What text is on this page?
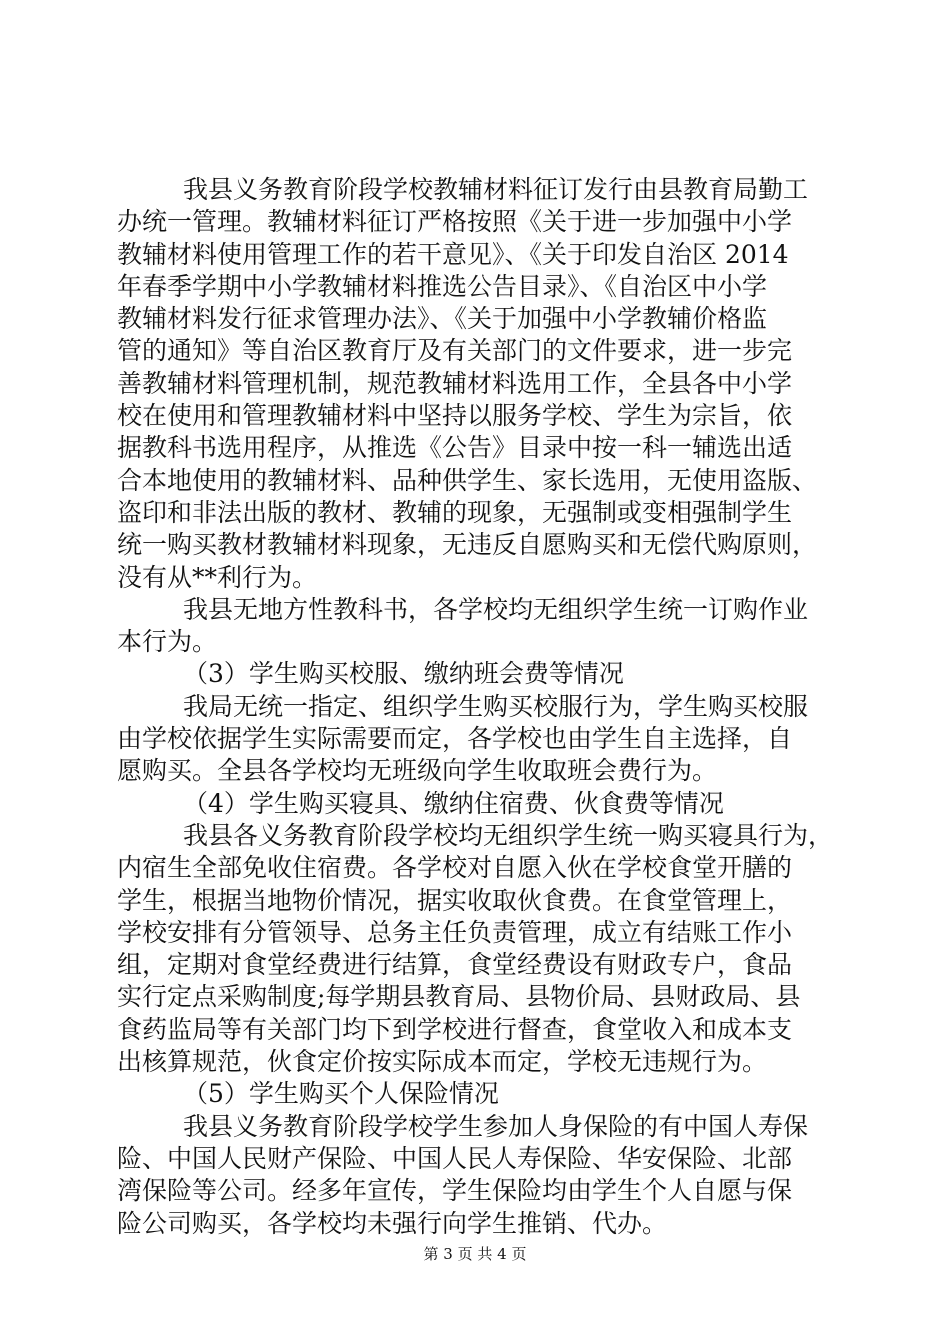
我县义务教育阶段学校教辅材料征订发行由县教育局勤工
办统一管理。教辅材料征订严格按照《关于进一步加强中小学
教辅材料使用管理工作的若干意见》、《关于印发自治区 2014
年春季学期中小学教辅材料推选公告目录》、《自治区中小学
教辅材料发行征求管理办法》、《关于加强中小学教辅价格监
管的通知》等自治区教育厅及有关部门的文件要求，进一步完
善教辅材料管理机制，规范教辅材料选用工作，全县各中小学
校在使用和管理教辅材料中坚持以服务学校、学生为宗旨，依
据教科书选用程序，从推选《公告》目录中按一科一辅选出适
合本地使用的教辅材料、品种供学生、家长选用，无使用盗版、
盗印和非法出版的教材、教辅的现象，无强制或变相强制学生
统一购买教材教辅材料现象，无违反自愿购买和无偿代购原则，
没有从**利行为。
我县无地方性教科书，各学校均无组织学生统一订购作业
本行为。
（3）学生购买校服、缴纳班会费等情况
我局无统一指定、组织学生购买校服行为，学生购买校服
由学校依据学生实际需要而定，各学校也由学生自主选择，自
愿购买。全县各学校均无班级向学生收取班会费行为。
（4）学生购买寝具、缴纳住宿费、伙食费等情况
我县各义务教育阶段学校均无组织学生统一购买寝具行为，
内宿生全部免收住宿费。各学校对自愿入伙在学校食堂开膳的
学生，根据当地物价情况，据实收取伙食费。在食堂管理上，
学校安排有分管领导、总务主任负责管理，成立有结账工作小
组，定期对食堂经费进行结算，食堂经费设有财政专户，食品
实行定点采购制度;每学期县教育局、县物价局、县财政局、县
食药监局等有关部门均下到学校进行督查，食堂收入和成本支
出核算规范，伙食定价按实际成本而定，学校无违规行为。
（5）学生购买个人保险情况
我县义务教育阶段学校学生参加人身保险的有中国人寿保
险、中国人民财产保险、中国人民人寿保险、华安保险、北部
湾保险等公司。经多年宣传，学生保险均由学生个人自愿与保
险公司购买，各学校均未强行向学生推销、代办。
第 3 页 共 4 页
